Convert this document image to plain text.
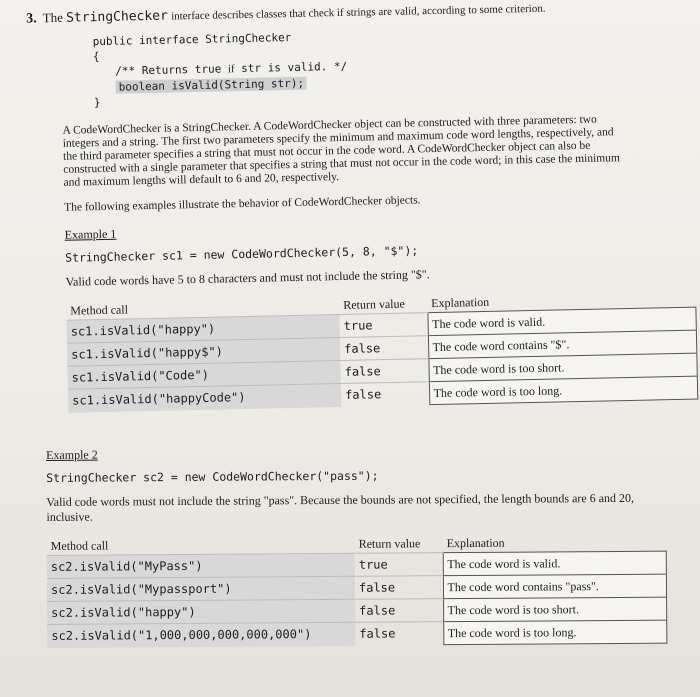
3. The StringChecker interface describes classes that check if strings are valid, according to some criterion.
public interface StringChecker
{
/** Returns true if str is valid. */
boolean isValid(String str);
}
A CodeWordChecker is a StringChecker. A CodeWordChecker object can be constructed with three parameters: two integers and a string. The first two parameters specify the minimum and maximum code word lengths, respectively, and the third parameter specifies a string that must not occur in the code word. A CodeWordChecker object can also be constructed with a single parameter that specifies a string that must not occur in the code word; in this case the minimum and maximum lengths will default to 6 and 20, respectively.
The following examples illustrate the behavior of CodeWordChecker objects.
Example 1
StringChecker sc1 = new CodeWordChecker(5, 8, "$");
Valid code words have 5 to 8 characters and must not include the string "$".
Method call	Return value	Explanation
sc1.isValid("happy")	true	The code word is valid.
sc1.isValid("happy$")	false	The code word contains "$".
sc1.isValid("Code")	false	The code word is too short.
sc1.isValid("happyCode")	false	The code word is too long.
Example 2
StringChecker sc2 = new CodeWordChecker("pass");
Valid code words must not include the string "pass". Because the bounds are not specified, the length bounds are 6 and 20, inclusive.
Method call	Return value	Explanation
sc2.isValid("MyPass")	true	The code word is valid.
sc2.isValid("Mypassport")	false	The code word contains "pass".
sc2.isValid("happy")	false	The code word is too short.
sc2.isValid("1,000,000,000,000,000")	false	The code word is too long.
